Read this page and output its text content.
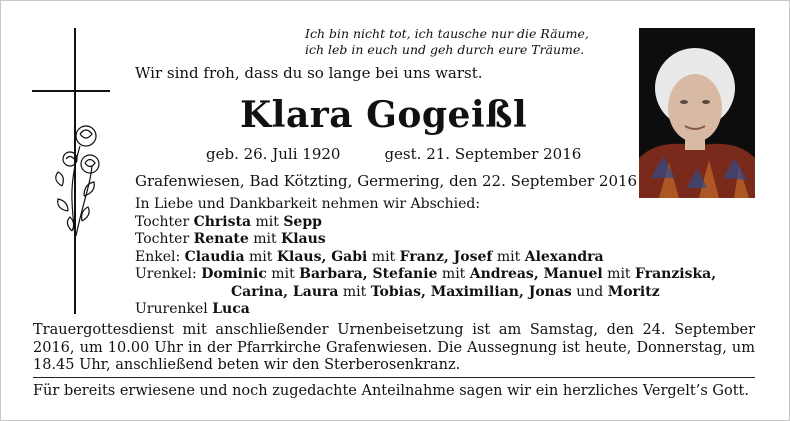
Ich bin nicht tot, ich tausche nur die Räume,
ich leb in euch und geh durch eure Träume.
Wir sind froh, dass du so lange bei uns warst.
Klara Gogeißl
geb. 26. Juli 1920	gest. 21. September 2016
Grafenwiesen, Bad Kötzting, Germering, den 22. September 2016
In Liebe und Dankbarkeit nehmen wir Abschied:
Tochter Christa mit Sepp
Tochter Renate mit Klaus
Enkel: Claudia mit Klaus, Gabi mit Franz, Josef mit Alexandra
Urenkel: Dominic mit Barbara, Stefanie mit Andreas, Manuel mit Franziska,
Carina, Laura mit Tobias, Maximilian, Jonas und Moritz
Ururenkel Luca
Trauergottesdienst mit anschließender Urnenbeisetzung ist am Samstag, den 24. September 2016, um 10.00 Uhr in der Pfarrkirche Grafenwiesen. Die Aussegnung ist heute, Donnerstag, um 18.45 Uhr, anschließend beten wir den Sterberosenkranz.
Für bereits erwiesene und noch zugedachte Anteilnahme sagen wir ein herzliches Vergelt’s Gott.
